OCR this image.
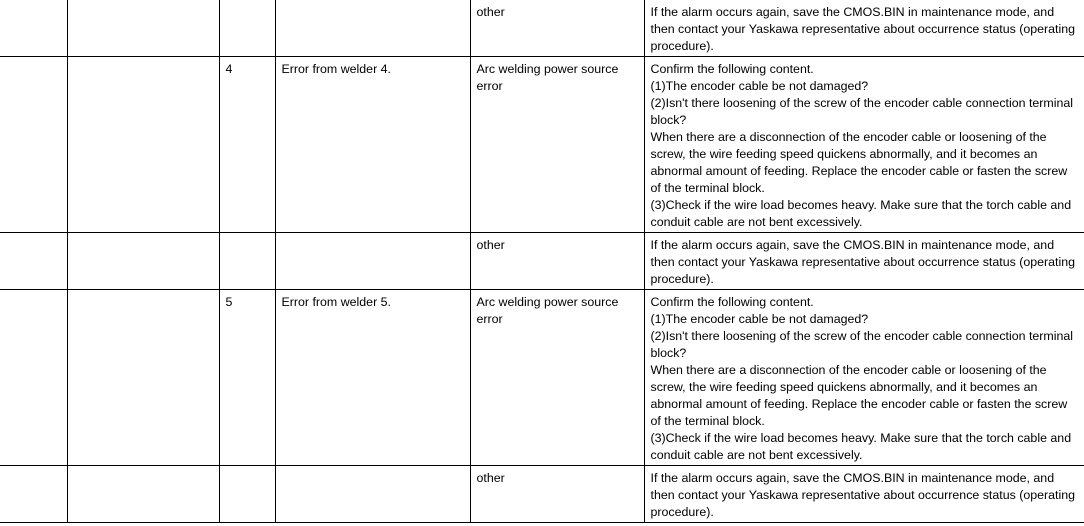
				other	If the alarm occurs again, save the CMOS.BIN in maintenance mode, and then contact your Yaskawa representative about occurrence status (operating procedure).
		4	Error from welder 4.	Arc welding power source error	Confirm the following content.
(1)The encoder cable be not damaged?
(2)Isn't there loosening of the screw of the encoder cable connection terminal block?
When there are a disconnection of the encoder cable or loosening of the screw, the wire feeding speed quickens abnormally, and it becomes an abnormal amount of feeding. Replace the encoder cable or fasten the screw of the terminal block.
(3)Check if the wire load becomes heavy. Make sure that the torch cable and conduit cable are not bent excessively.
				other	If the alarm occurs again, save the CMOS.BIN in maintenance mode, and then contact your Yaskawa representative about occurrence status (operating procedure).
		5	Error from welder 5.	Arc welding power source error	Confirm the following content.
(1)The encoder cable be not damaged?
(2)Isn't there loosening of the screw of the encoder cable connection terminal block?
When there are a disconnection of the encoder cable or loosening of the screw, the wire feeding speed quickens abnormally, and it becomes an abnormal amount of feeding. Replace the encoder cable or fasten the screw of the terminal block.
(3)Check if the wire load becomes heavy. Make sure that the torch cable and conduit cable are not bent excessively.
				other	If the alarm occurs again, save the CMOS.BIN in maintenance mode, and then contact your Yaskawa representative about occurrence status (operating procedure).
